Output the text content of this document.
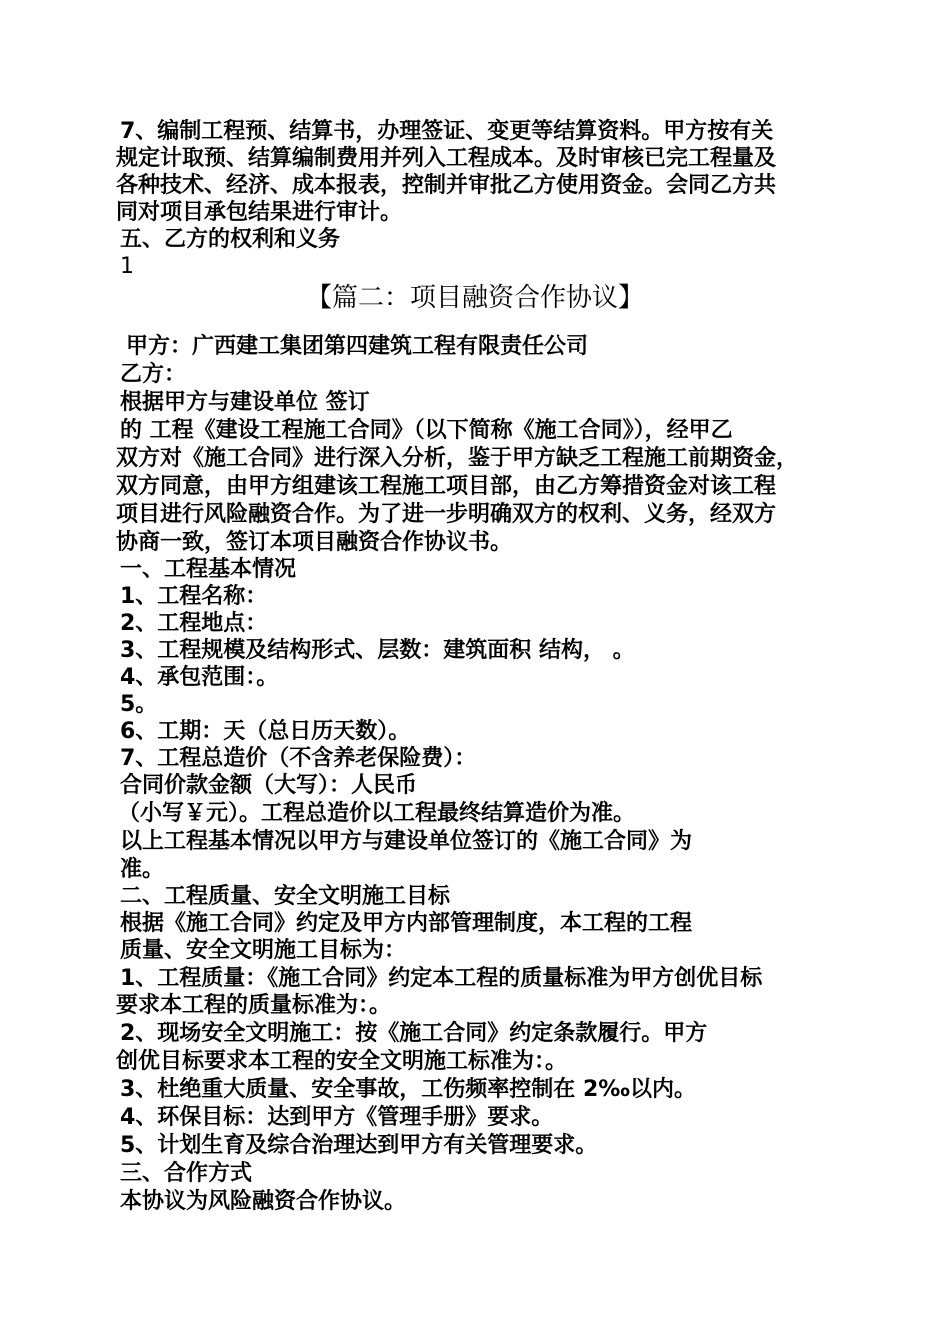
7、编制工程预、结算书，办理签证、变更等结算资料。甲方按有关
规定计取预、结算编制费用并列入工程成本。及时审核已完工程量及
各种技术、经济、成本报表，控制并审批乙方使用资金。会同乙方共
同对项目承包结果进行审计。
五、乙方的权利和义务
1
【篇二：项目融资合作协议】
甲方：广西建工集团第四建筑工程有限责任公司
乙方：
根据甲方与建设单位 签订
的 工程《建设工程施工合同》（以下简称《施工合同》），经甲乙
双方对《施工合同》进行深入分析，鉴于甲方缺乏工程施工前期资金，
双方同意，由甲方组建该工程施工项目部，由乙方筹措资金对该工程
项目进行风险融资合作。为了进一步明确双方的权利、义务，经双方
协商一致，签订本项目融资合作协议书。
一、工程基本情况
1、工程名称：
2、工程地点：
3、工程规模及结构形式、层数：建筑面积 结构， 。
4、承包范围：。
5。
6、工期：天（总日历天数）。
7、工程总造价（不含养老保险费）：
合同价款金额（大写）：人民币
（小写￥元）。工程总造价以工程最终结算造价为准。
以上工程基本情况以甲方与建设单位签订的《施工合同》为
准。
二、工程质量、安全文明施工目标
根据《施工合同》约定及甲方内部管理制度，本工程的工程
质量、安全文明施工目标为：
1、工程质量：《施工合同》约定本工程的质量标准为甲方创优目标
要求本工程的质量标准为：。
2、现场安全文明施工：按《施工合同》约定条款履行。甲方
创优目标要求本工程的安全文明施工标准为：。
3、杜绝重大质量、安全事故，工伤频率控制在 2‰以内。
4、环保目标：达到甲方《管理手册》要求。
5、计划生育及综合治理达到甲方有关管理要求。
三、合作方式
本协议为风险融资合作协议。
